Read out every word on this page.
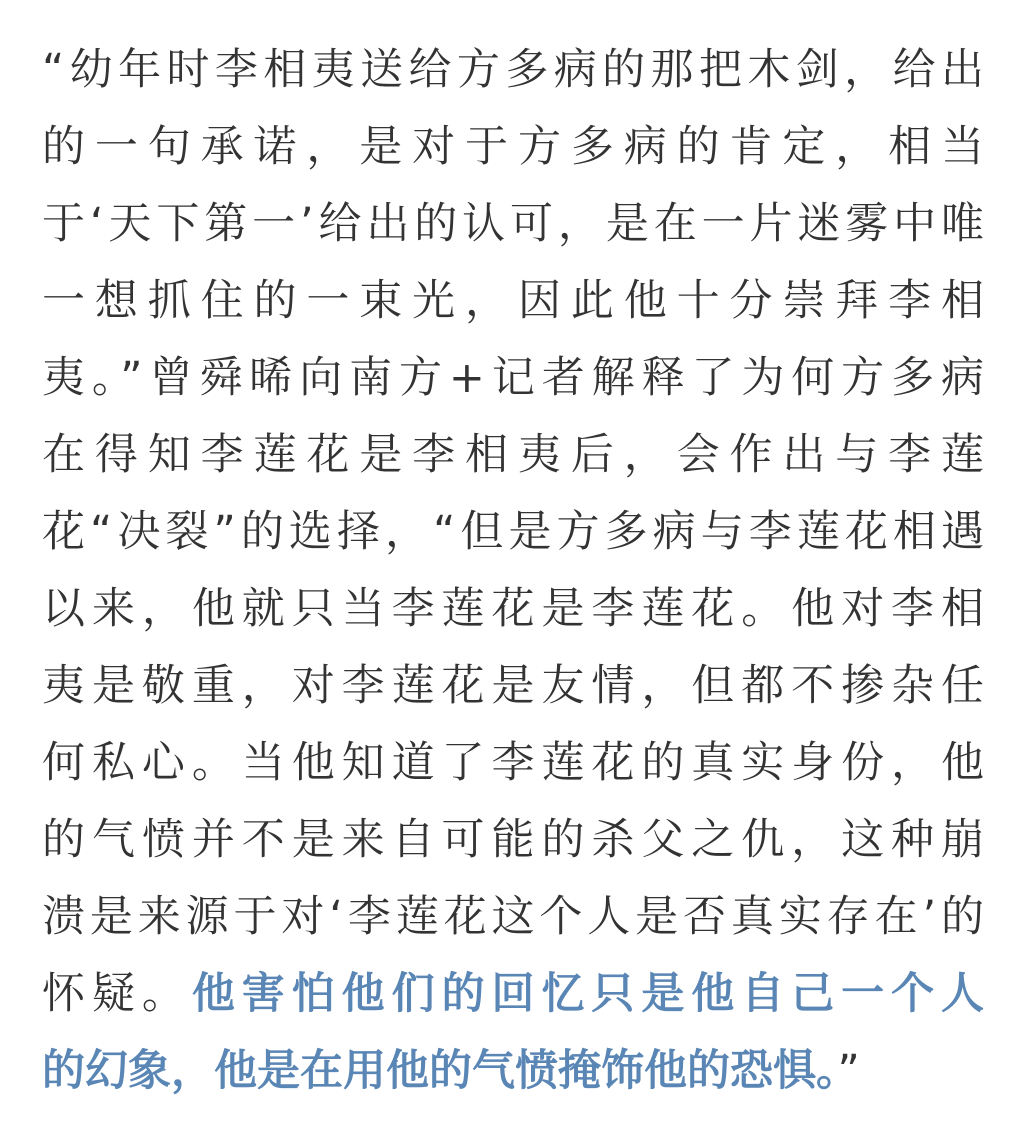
“幼年时李相夷送给方多病的那把木剑，给出
的一句承诺，是对于方多病的肯定，相当
于‘天下第一’给出的认可，是在一片迷雾中唯
一想抓住的一束光，因此他十分崇拜李相
夷。”曾舜晞向南方+记者解释了为何方多病
在得知李莲花是李相夷后，会作出与李莲
花“决裂”的选择，“但是方多病与李莲花相遇
以来，他就只当李莲花是李莲花。他对李相
夷是敬重，对李莲花是友情，但都不掺杂任
何私心。当他知道了李莲花的真实身份，他
的气愤并不是来自可能的杀父之仇，这种崩
溃是来源于对‘李莲花这个人是否真实存在’的
怀疑。他害怕他们的回忆只是他自己一个人
的幻象，他是在用他的气愤掩饰他的恐惧。”
